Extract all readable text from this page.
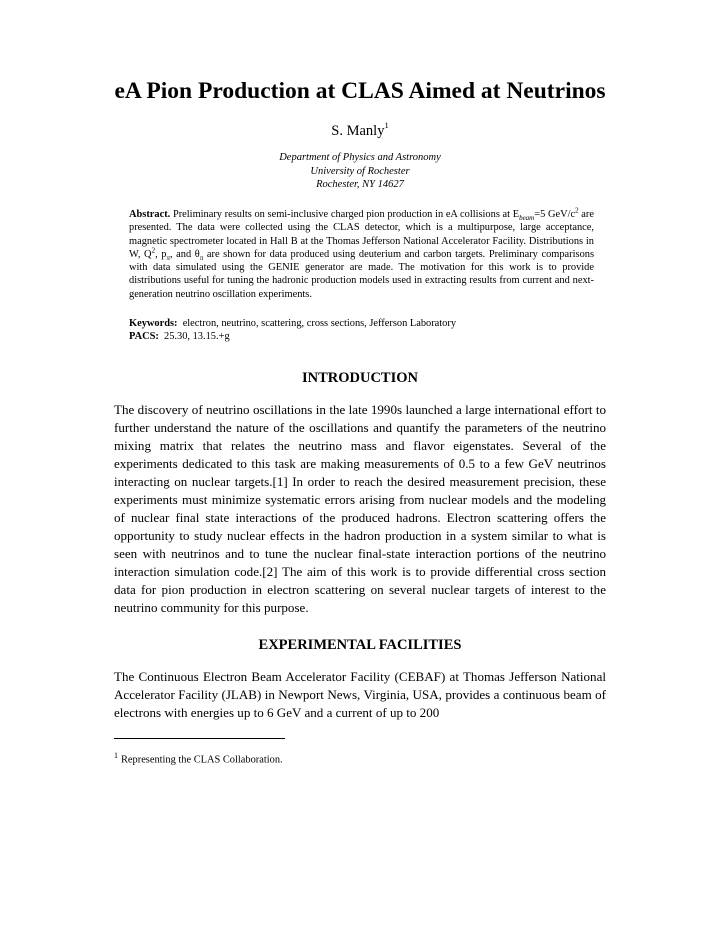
eA Pion Production at CLAS Aimed at Neutrinos
S. Manly$^1$
Department of Physics and Astronomy
University of Rochester
Rochester, NY 14627

Abstract. Preliminary results on semi-inclusive charged pion production in eA collisions at $E_{beam}=5$ GeV/$c^2$ are presented. The data were collected using the CLAS detector, which is a multipurpose, large acceptance, magnetic spectrometer located in Hall B at the Thomas Jefferson National Accelerator Facility. Distributions in W, $Q^2$, $p_\pi$, and $\theta_\pi$ are shown for data produced using deuterium and carbon targets. Preliminary comparisons with data simulated using the GENIE generator are made. The motivation for this work is to provide distributions useful for tuning the hadronic production models used in extracting results from current and next-generation neutrino oscillation experiments.

Keywords: electron, neutrino, scattering, cross sections, Jefferson Laboratory

PACS: 25.30, 13.15.+g

INTRODUCTION

The discovery of neutrino oscillations in the late 1990s launched a large international effort to further understand the nature of the oscillations and quantify the parameters of the neutrino mixing matrix that relates the neutrino mass and flavor eigenstates. Several of the experiments dedicated to this task are making measurements of 0.5 to a few GeV neutrinos interacting on nuclear targets.[1] In order to reach the desired measurement precision, these experiments must minimize systematic errors arising from nuclear models and the modeling of nuclear final state interactions of the produced hadrons. Electron scattering offers the opportunity to study nuclear effects in the hadron production in a system similar to what is seen with neutrinos and to tune the nuclear final-state interaction portions of the neutrino interaction simulation code.[2] The aim of this work is to provide differential cross section data for pion production in electron scattering on several nuclear targets of interest to the neutrino community for this purpose.

EXPERIMENTAL FACILITIES

The Continuous Electron Beam Accelerator Facility (CEBAF) at Thomas Jefferson National Accelerator Facility (JLAB) in Newport News, Virginia, USA, provides a continuous beam of electrons with energies up to 6 GeV and a current of up to 200

$^1$ Representing the CLAS Collaboration.
